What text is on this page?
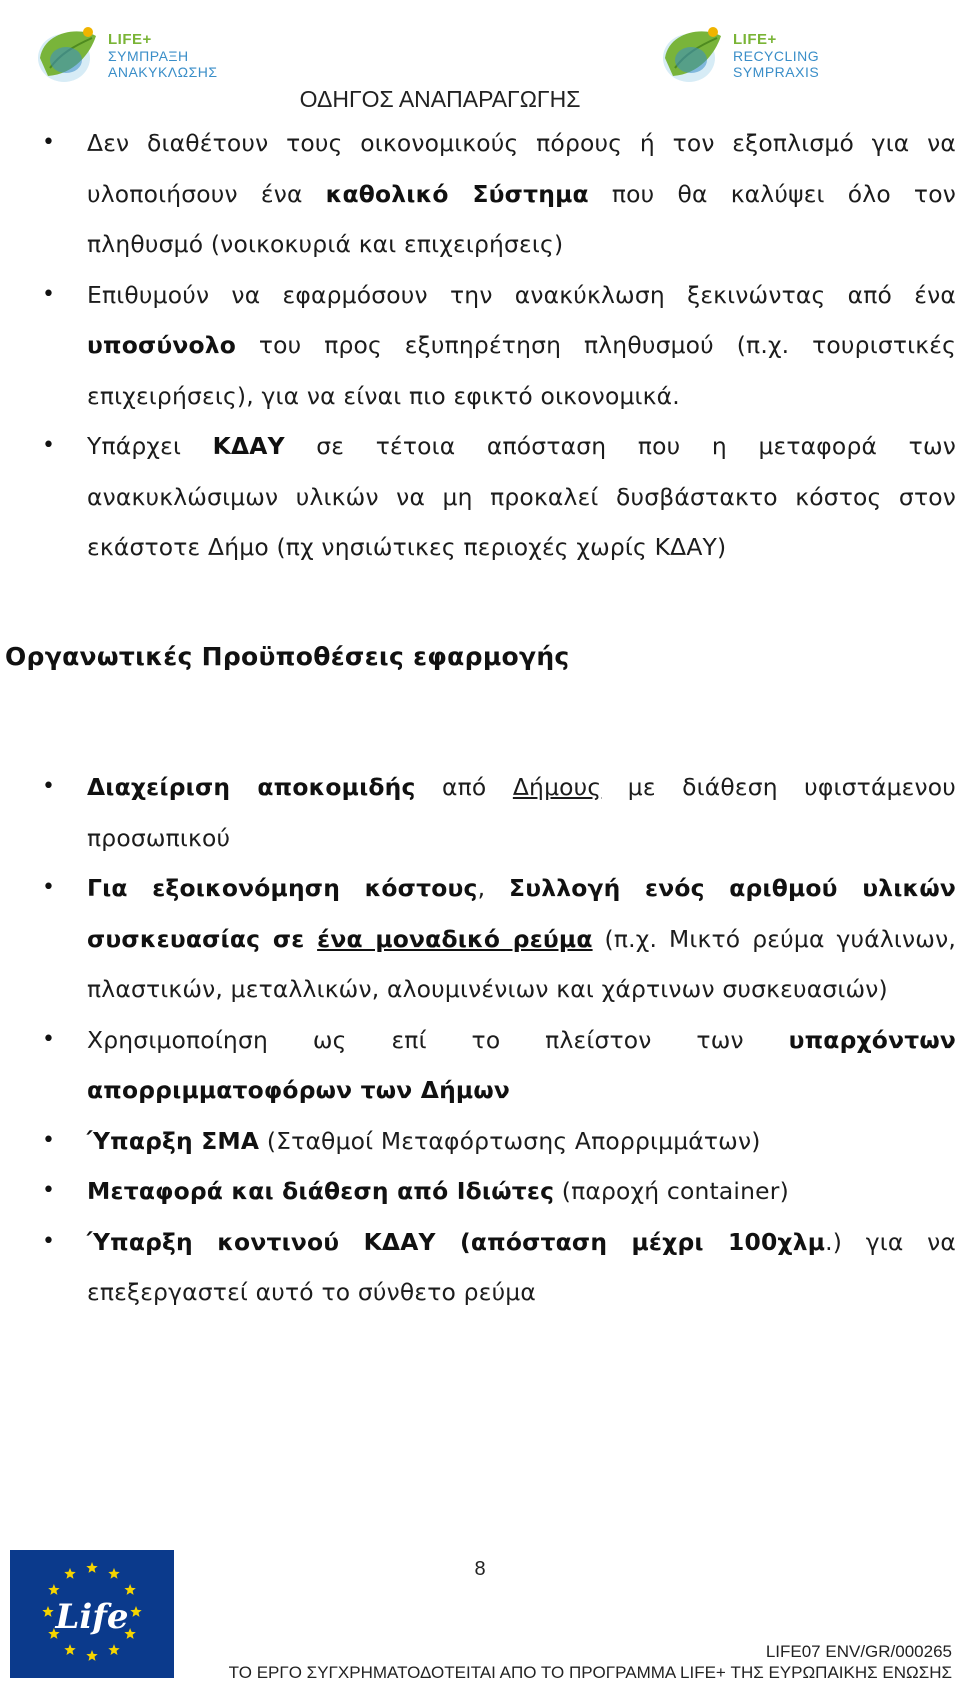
LIFE+
ΣΥΜΠΡΑΞΗ
ΑΝΑΚΥΚΛΩΣΗΣ
LIFE+
RECYCLING
SYMPRAXIS
ΟΔΗΓΟΣ ΑΝΑΠΑΡΑΓΩΓΗΣ
• Δεν διαθέτουν τους οικονομικούς πόρους ή τον εξοπλισμό για να υλοποιήσουν ένα καθολικό Σύστημα που θα καλύψει όλο τον πληθυσμό (νοικοκυριά και επιχειρήσεις)
• Επιθυμούν να εφαρμόσουν την ανακύκλωση ξεκινώντας από ένα υποσύνολο του προς εξυπηρέτηση πληθυσμού (π.χ. τουριστικές επιχειρήσεις), για να είναι πιο εφικτό οικονομικά.
• Υπάρχει ΚΔΑΥ σε τέτοια απόσταση που η μεταφορά των ανακυκλώσιμων υλικών να μη προκαλεί δυσβάστακτο κόστος στον εκάστοτε Δήμο (πχ νησιώτικες περιοχές χωρίς ΚΔΑΥ)
Οργανωτικές Προϋποθέσεις εφαρμογής
• Διαχείριση αποκομιδής από Δήμους με διάθεση υφιστάμενου προσωπικού
• Για εξοικονόμηση κόστους, Συλλογή ενός αριθμού υλικών συσκευασίας σε ένα μοναδικό ρεύμα (π.χ. Μικτό ρεύμα γυάλινων, πλαστικών, μεταλλικών, αλουμινένιων και χάρτινων συσκευασιών)
• Χρησιμοποίηση ως επί το πλείστον των υπαρχόντων απορριμματοφόρων των Δήμων
• Ύπαρξη ΣΜΑ (Σταθμοί Μεταφόρτωσης Απορριμμάτων)
• Μεταφορά και διάθεση από Ιδιώτες (παροχή container)
• Ύπαρξη κοντινού ΚΔΑΥ (απόσταση μέχρι 100χλμ.) για να επεξεργαστεί αυτό το σύνθετο ρεύμα
Life
8
LIFE07 ENV/GR/000265
ΤΟ ΕΡΓΟ ΣΥΓΧΡΗΜΑΤΟΔΟΤΕΙΤΑΙ ΑΠΟ ΤΟ ΠΡΟΓΡΑΜΜΑ LIFE+ ΤΗΣ ΕΥΡΩΠΑΙΚΗΣ ΕΝΩΣΗΣ
